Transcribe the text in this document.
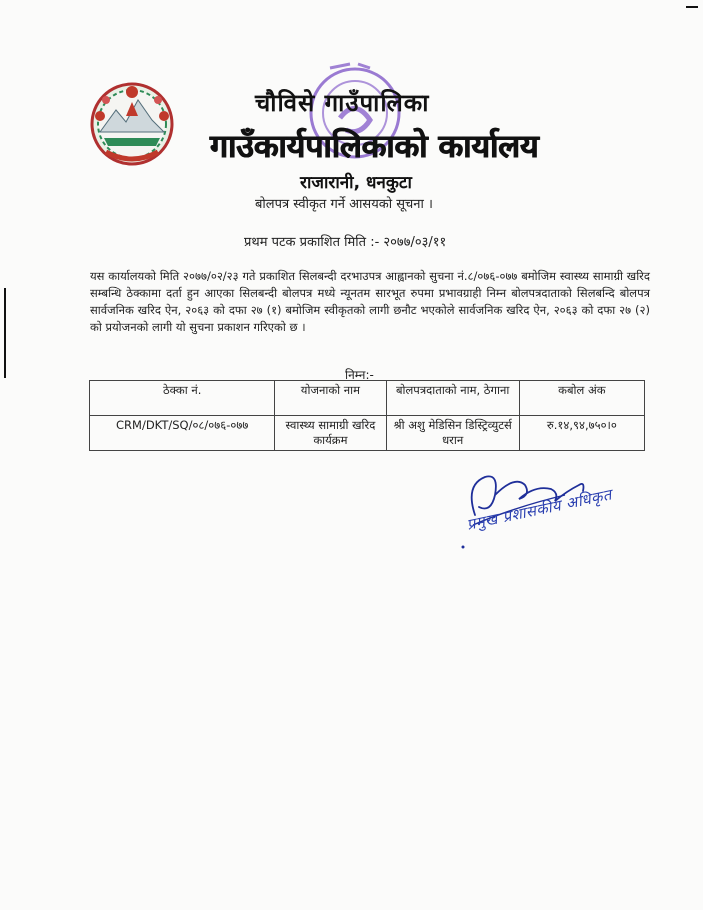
चौविसे गाउँपालिका
गाउँकार्यपालिकाको कार्यालय
राजारानी, धनकुटा
बोलपत्र स्वीकृत गर्ने आसयको सूचना ।
प्रथम पटक प्रकाशित मिति :- २०७७/०३/११

यस कार्यालयको मिति २०७७/०२/२३ गते प्रकाशित सिलबन्दी दरभाउपत्र आह्वानको सुचना नं.८/०७६-०७७ बमोजिम स्वास्थ्य सामाग्री खरिद सम्बन्धि ठेक्कामा दर्ता हुन आएका सिलबन्दी बोलपत्र मध्ये न्यूनतम सारभूत रुपमा प्रभावग्राही निम्न बोलपत्रदाताको सिलबन्दि बोलपत्र सार्वजनिक खरिद ऐन, २०६३ को दफा २७ (१) बमोजिम स्वीकृतको लागी छनौट भएकोले सार्वजनिक खरिद ऐन, २०६३ को दफा २७ (२) को प्रयोजनको लागी यो सुचना प्रकाशन गरिएको छ ।

निम्न:-
ठेक्का नं.	योजनाको नाम	बोलपत्रदाताको नाम, ठेगाना	कबोल अंक
CRM/DKT/SQ/०८/०७६-०७७	स्वास्थ्य सामाग्री खरिद कार्यक्रम	श्री अशु मेडिसिन डिस्ट्रिव्युटर्स धरान	रु.१४,९४,७५०।०
प्रमुख प्रशासकीय अधिकृत
